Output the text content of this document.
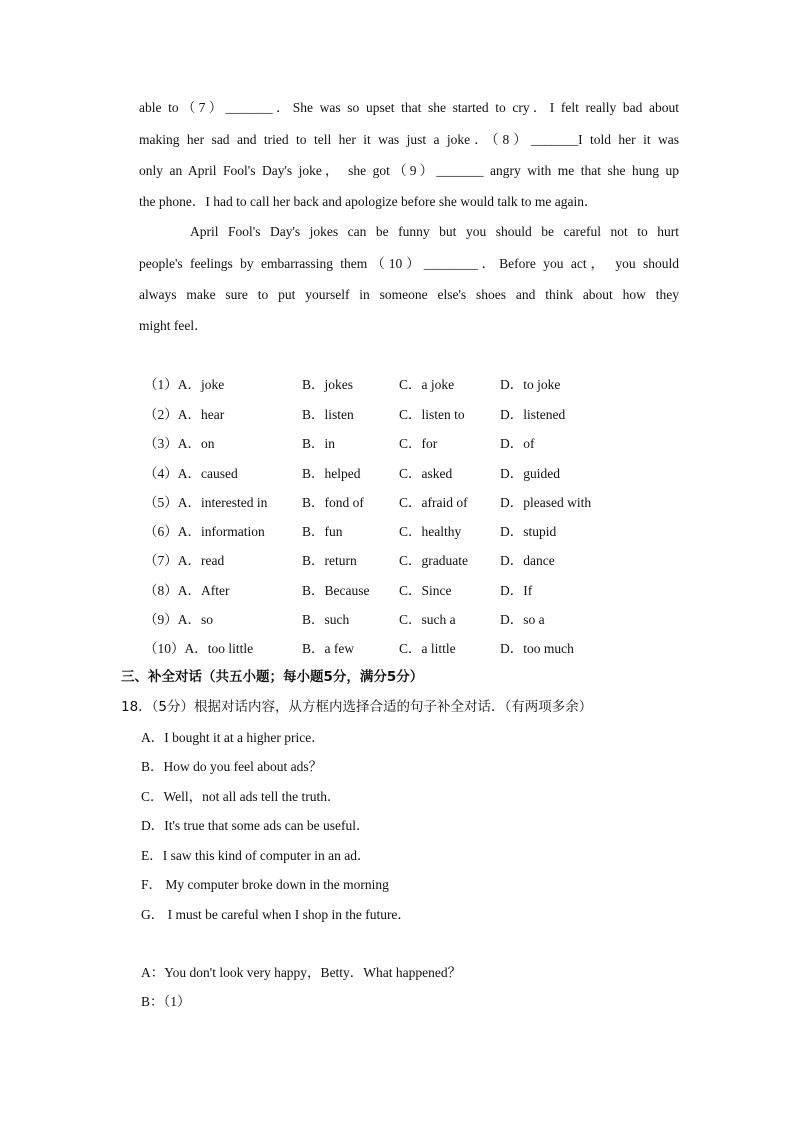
able to（7）_______．She was so upset that she started to cry．I felt really bad about
making her sad and tried to tell her it was just a joke．（8）_______I told her it was
only an April Fool's Day's joke， she got（9）_______ angry with me that she hung up
the phone．I had to call her back and apologize before she would talk to me again．
April Fool's Day's jokes can be funny but you should be careful not to hurt
people's feelings by embarrassing them（10）________．Before you act， you should
always make sure to put yourself in someone else's shoes and think about how they
might feel．
（1）A．joke	B．jokes	C．a joke	D．to joke
（2）A．hear	B．listen	C．listen to	D．listened
（3）A．on	B．in	C．for	D．of
（4）A．caused	B．helped	C．asked	D．guided
（5）A．interested in	B．fond of	C．afraid of D．pleased with
（6）A．information	B．fun	C．healthy	D．stupid
（7）A．read	B．return	C．graduate D．dance
（8）A．After	B．Because C．Since	D．If
（9）A．so	B．such	C．such a	D．so a
（10）A．too little	B．a few	C．a little	D．too much
三、补全对话（共五小题；每小题5分，满分5分）
18．（5分）根据对话内容，从方框内选择合适的句子补全对话．（有两项多余）
A．I bought it at a higher price．
B．How do you feel about ads？
C．Well，not all ads tell the truth．
D．It's true that some ads can be useful．
E．I saw this kind of computer in an ad．
F． My computer broke down in the morning
G． I must be careful when I shop in the future．
A：You don't look very happy，Betty．What happened？
B：（1）
